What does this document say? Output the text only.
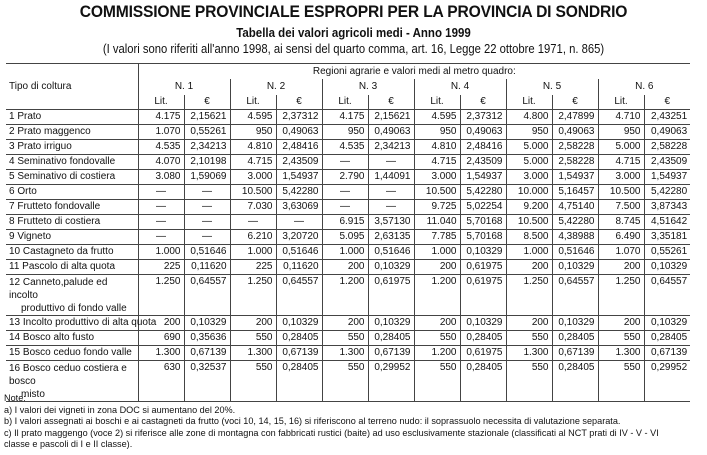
COMMISSIONE PROVINCIALE ESPROPRI PER LA PROVINCIA DI SONDRIO
Tabella dei valori agricoli medi - Anno 1999
(I valori sono riferiti all'anno 1998, ai sensi del quarto comma, art. 16, Legge 22 ottobre 1971, n. 865)
Tipo di coltura	Regioni agrarie e valori medi al metro quadro:											
	N. 1		N. 2		N. 3		N. 4		N. 5		N. 6	
	Lit.	€	Lit.	€	Lit.	€	Lit.	€	Lit.	€	Lit.	€
1 Prato	4.175	2,15621	4.595	2,37312	4.175	2,15621	4.595	2,37312	4.800	2,47899	4.710	2,43251
2 Prato maggenco	1.070	0,55261	950	0,49063	950	0,49063	950	0,49063	950	0,49063	950	0,49063
3 Prato irriguo	4.535	2,34213	4.810	2,48416	4.535	2,34213	4.810	2,48416	5.000	2,58228	5.000	2,58228
4 Seminativo fondovalle	4.070	2,10198	4.715	2,43509	—	—	4.715	2,43509	5.000	2,58228	4.715	2,43509
5 Seminativo di costiera	3.080	1,59069	3.000	1,54937	2.790	1,44091	3.000	1,54937	3.000	1,54937	3.000	1,54937
6 Orto	—	—	10.500	5,42280	—	—	10.500	5,42280	10.000	5,16457	10.500	5,42280
7 Frutteto fondovalle	—	—	7.030	3,63069	—	—	9.725	5,02254	9.200	4,75140	7.500	3,87343
8 Frutteto di costiera	—	—	—	—	6.915	3,57130	11.040	5,70168	10.500	5,42280	8.745	4,51642
9 Vigneto	—	—	6.210	3,20720	5.095	2,63135	7.785	5,70168	8.500	4,38988	6.490	3,35181
10 Castagneto da frutto	1.000	0,51646	1.000	0,51646	1.000	0,51646	1.000	0,10329	1.000	0,51646	1.070	0,55261
11 Pascolo di alta quota	225	0,11620	225	0,11620	200	0,10329	200	0,61975	200	0,10329	200	0,10329
12 Canneto,palude ed incolto
produttivo di fondo valle	1.250	0,64557	1.250	0,64557	1.200	0,61975	1.200	0,61975	1.250	0,64557	1.250	0,64557
13 Incolto produttivo di alta quota	200	0,10329	200	0,10329	200	0,10329	200	0,10329	200	0,10329	200	0,10329
14 Bosco alto fusto	690	0,35636	550	0,28405	550	0,28405	550	0,28405	550	0,28405	550	0,28405
15 Bosco ceduo fondo valle	1.300	0,67139	1.300	0,67139	1.300	0,67139	1.200	0,61975	1.300	0,67139	1.300	0,67139
16 Bosco ceduo costiera e bosco
misto	630	0,32537	550	0,28405	550	0,29952	550	0,28405	550	0,28405	550	0,29952
Note:
a) I valori dei vigneti in zona DOC si aumentano del 20%.
b) I valori assegnati ai boschi e ai castagneti da frutto (voci 10, 14, 15, 16) si riferiscono al terreno nudo: il soprassuolo necessita di valutazione separata.
c) Il prato maggengo (voce 2) si riferisce alle zone di montagna con fabbricati rustici (baite) ad uso esclusivamente stazionale (classificati al NCT prati di IV - V - VI classe e pascoli di I e II classe).
